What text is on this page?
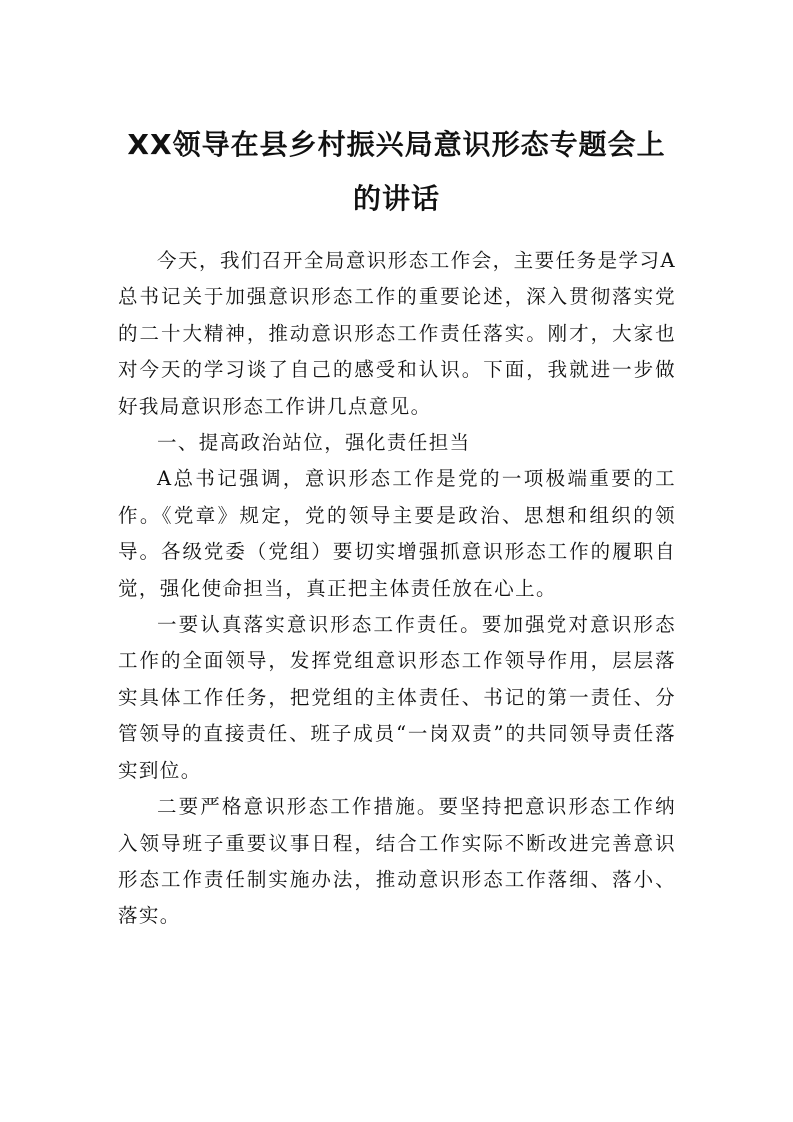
XX领导在县乡村振兴局意识形态专题会上
的讲话

今天，我们召开全局意识形态工作会，主要任务是学习A总书记关于加强意识形态工作的重要论述，深入贯彻落实党的二十大精神，推动意识形态工作责任落实。刚才，大家也对今天的学习谈了自己的感受和认识。下面，我就进一步做好我局意识形态工作讲几点意见。

一、提高政治站位，强化责任担当

A总书记强调，意识形态工作是党的一项极端重要的工作。《党章》规定，党的领导主要是政治、思想和组织的领导。各级党委（党组）要切实增强抓意识形态工作的履职自觉，强化使命担当，真正把主体责任放在心上。

一要认真落实意识形态工作责任。要加强党对意识形态工作的全面领导，发挥党组意识形态工作领导作用，层层落实具体工作任务，把党组的主体责任、书记的第一责任、分管领导的直接责任、班子成员“一岗双责”的共同领导责任落实到位。

二要严格意识形态工作措施。要坚持把意识形态工作纳入领导班子重要议事日程，结合工作实际不断改进完善意识形态工作责任制实施办法，推动意识形态工作落细、落小、落实。
